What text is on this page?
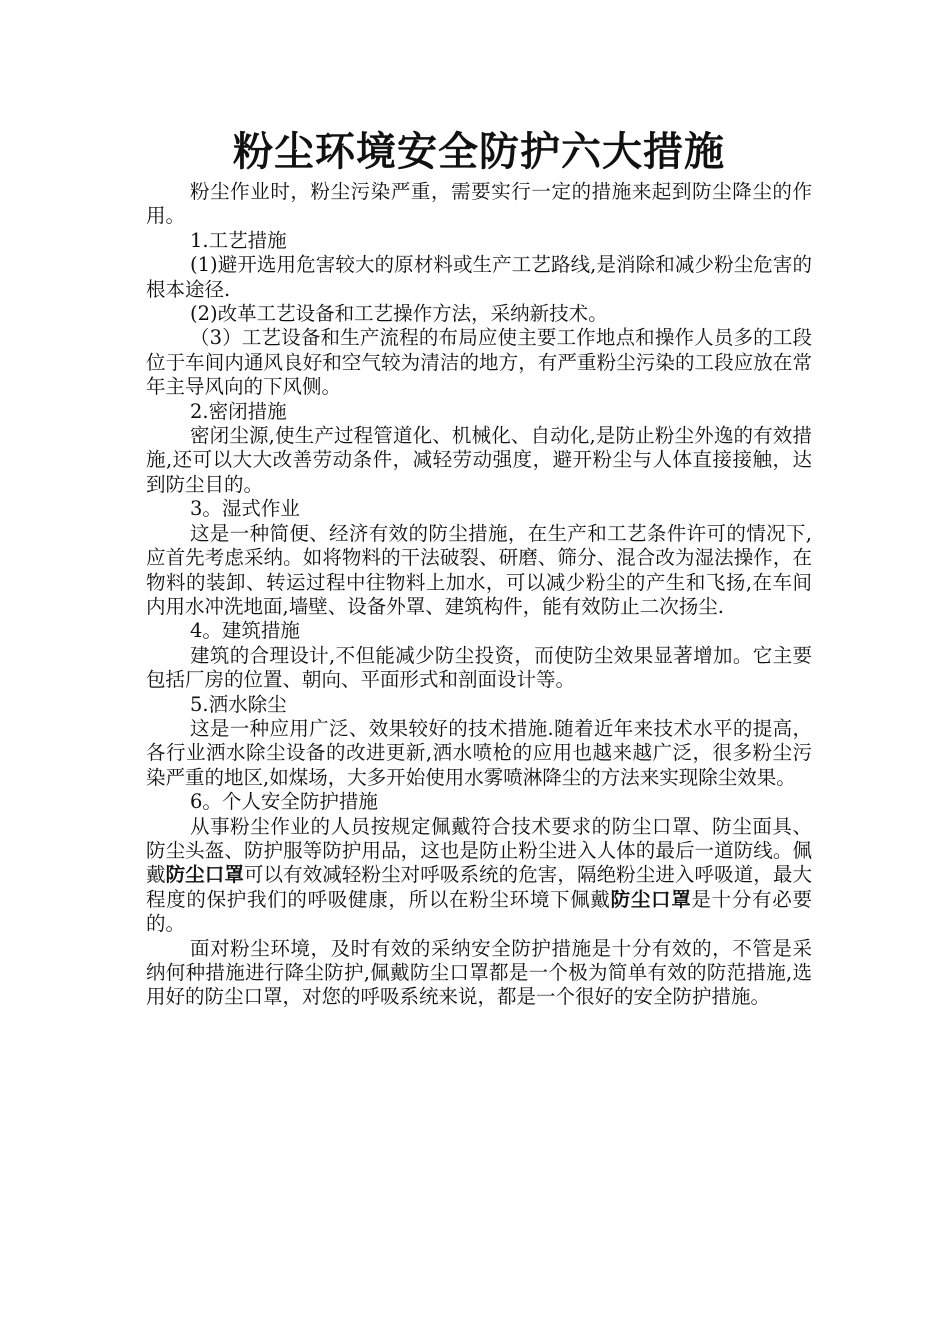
粉尘环境安全防护六大措施

粉尘作业时，粉尘污染严重，需要实行一定的措施来起到防尘降尘的作用。

1.工艺措施

(1)避开选用危害较大的原材料或生产工艺路线,是消除和减少粉尘危害的根本途径.

(2)改革工艺设备和工艺操作方法，采纳新技术。

（3）工艺设备和生产流程的布局应使主要工作地点和操作人员多的工段位于车间内通风良好和空气较为清洁的地方，有严重粉尘污染的工段应放在常年主导风向的下风侧。

2.密闭措施

密闭尘源,使生产过程管道化、机械化、自动化,是防止粉尘外逸的有效措施,还可以大大改善劳动条件，减轻劳动强度，避开粉尘与人体直接接触，达到防尘目的。

3。湿式作业

这是一种简便、经济有效的防尘措施，在生产和工艺条件许可的情况下,应首先考虑采纳。如将物料的干法破裂、研磨、筛分、混合改为湿法操作，在物料的装卸、转运过程中往物料上加水，可以减少粉尘的产生和飞扬,在车间内用水冲洗地面,墙壁、设备外罩、建筑构件，能有效防止二次扬尘.

4。建筑措施

建筑的合理设计,不但能减少防尘投资，而使防尘效果显著增加。它主要包括厂房的位置、朝向、平面形式和剖面设计等。

5.洒水除尘

这是一种应用广泛、效果较好的技术措施.随着近年来技术水平的提高，各行业洒水除尘设备的改进更新,洒水喷枪的应用也越来越广泛，很多粉尘污染严重的地区,如煤场，大多开始使用水雾喷淋降尘的方法来实现除尘效果。

6。个人安全防护措施

从事粉尘作业的人员按规定佩戴符合技术要求的防尘口罩、防尘面具、防尘头盔、防护服等防护用品，这也是防止粉尘进入人体的最后一道防线。佩戴防尘口罩可以有效减轻粉尘对呼吸系统的危害，隔绝粉尘进入呼吸道，最大程度的保护我们的呼吸健康，所以在粉尘环境下佩戴防尘口罩是十分有必要的。

面对粉尘环境，及时有效的采纳安全防护措施是十分有效的，不管是采纳何种措施进行降尘防护,佩戴防尘口罩都是一个极为简单有效的防范措施,选用好的防尘口罩，对您的呼吸系统来说，都是一个很好的安全防护措施。
